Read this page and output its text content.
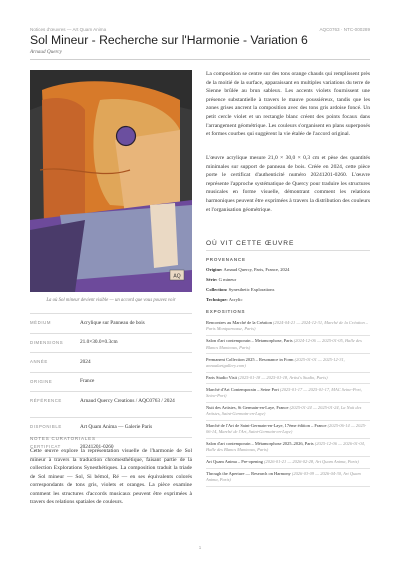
Notices d'œuvres — Art Quam Anima	AQC0763 · NTC-000289
Sol Mineur - Recherche sur l'Harmonie - Variation 6
Arnaud Quercy
AQ
La où Sol mineur devient visible — un accord que vous pouvez voir
MÉDIUM	Acrylique sur Panneau de bois
DIMENSIONS	21.0×30.0×0.3cm
ANNÉE	2024
ORIGINE	France
RÉFÉRENCE	Arnaud Quercy Creations / AQC0763 / 2024
DISPONIBLE	Art Quam Anima — Galerie Paris
CERTIFICAT	20241201-0260
NOTES CURATORIALES
Cette œuvre explore la représentation visuelle de l'harmonie de Sol mineur à travers la traduction chromesthétique, faisant partie de la collection Explorations Synesthétiques. La composition traduit la triade de Sol mineur — Sol, Si bémol, Ré — en ses équivalents colorés correspondants de tons gris, violets et oranges. La pièce examine comment les structures d'accords musicaux peuvent être exprimées à travers des relations spatiales de couleurs.
La composition se centre sur des tons orange chauds qui remplissent près de la moitié de la surface, apparaissant en multiples variations du terre de Sienne brûlée au brun sableux. Les accents violets fournissent une présence substantielle à travers le mauve poussiéreux, tandis que les zones grises ancrent la composition avec des tons gris ardoise foncé. Un petit cercle violet et un rectangle blanc créent des points focaux dans l'arrangement géométrique. Les couleurs s'organisent en plans superposés et formes courbes qui suggèrent la vie étalée de l'accord original.
L'œuvre acrylique mesure 21,0 × 30,0 × 0,3 cm et pèse des quantités minimales sur support de panneau de bois. Créée en 2024, cette pièce porte le certificat d'authenticité numéro 20241201-0260. L'œuvre représente l'approche systématique de Quercy pour traduire les structures musicales en forme visuelle, démontrant comment les relations harmoniques peuvent être exprimées à travers la distribution des couleurs et l'organisation géométrique.
OÙ VIT CETTE ŒUVRE
PROVENANCE
Origine: Arnaud Quercy, Paris, France, 2024
Série: G mineur
Collection: Synesthetic Explorations
Technique: Acrylic
EXPOSITIONS
Rencontres au Marché de la Création (2024-04-21 — 2024-12-31, Marché de la Création – Paris Montparnasse, Paris)
Salon d'art contemporain – Metamorphose, Paris (2024-12-06 — 2025-01-05, Halle des Blancs Manteaux, Paris)
Permanent Collection 2025 – Resonance in Form (2025-01-01 — 2025-12-31, annualartgallery.com)
Paris Studio Visit (2025-01-18 — 2025-01-18, Artist's Studio, Paris)
Marché d'Art Contemporain – Seine Port (2025-01-17 — 2025-01-17, MAC Seine-Port, Seine-Port)
Nuit des Artistes, St Germain-en-Laye, France (2025-01-24 — 2025-01-24, La Nuit des Artistes, Saint-Germain-en-Laye)
Marché de l'Art de Saint-Germain-en-Laye, 17ème édition – France (2025-06-14 — 2025-06-14, Marché de l'Art, Saint-Germain-en-Laye)
Salon d'art contemporain – Métamorphose 2025–2026, Paris (2025-12-06 — 2026-01-04, Halle des Blancs Manteaux, Paris)
Art Quam Anima – Pre-opening (2026-01-21 — 2026-02-28, Art Quam Anima, Paris)
Through the Aperture — Research on Harmony (2026-03-09 — 2026-04-30, Art Quam Anima, Paris)
1
